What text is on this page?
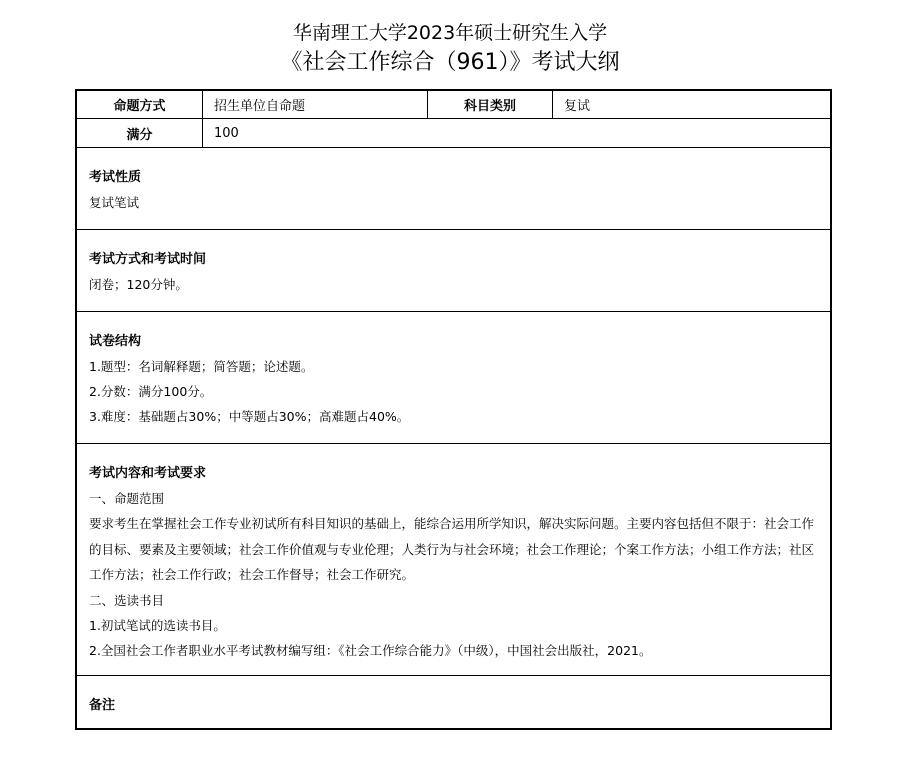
华南理工大学2023年硕士研究生入学
《社会工作综合（961）》考试大纲
命题方式	招生单位自命题	科目类别	复试
满分	100
考试性质
复试笔试
考试方式和考试时间
闭卷；120分钟。
试卷结构
1.题型：名词解释题；简答题；论述题。
2.分数：满分100分。
3.难度：基础题占30%；中等题占30%；高难题占40%。
考试内容和考试要求
一、命题范围
要求考生在掌握社会工作专业初试所有科目知识的基础上，能综合运用所学知识，解决实际问题。主要内容包括但不限于：社会工作的目标、要素及主要领域；社会工作价值观与专业伦理；人类行为与社会环境；社会工作理论；个案工作方法；小组工作方法；社区工作方法；社会工作行政；社会工作督导；社会工作研究。
二、选读书目
1.初试笔试的选读书目。
2.全国社会工作者职业水平考试教材编写组：《社会工作综合能力》（中级），中国社会出版社，2021。
备注
